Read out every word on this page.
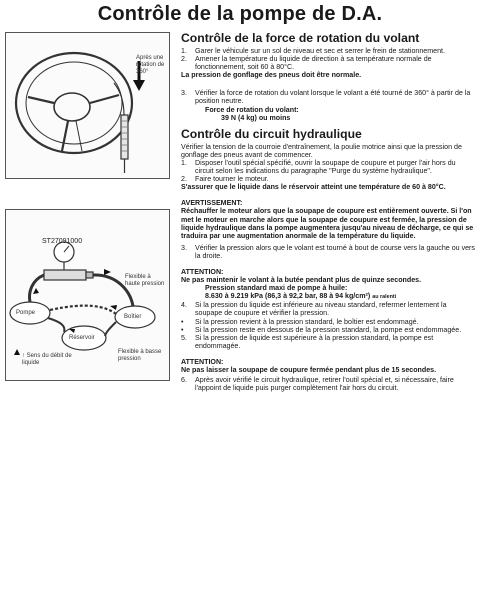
Contrôle de la pompe de D.A.
Après une rotation de 360°
ST27091000
Flexible à haute pression
Pompe
Boîtier
Réservoir
Flexible à basse pression
↑ Sens du débit de liquide
Contrôle de la force de rotation du volant
1.	Garer le véhicule sur un sol de niveau et sec et serrer le frein de stationnement.
2.	Amener la température du liquide de direction à sa température normale de fonctionnement, soit 60 à 80°C.
La pression de gonflage des pneus doit être normale.
3.	Vérifier la force de rotation du volant lorsque le volant a été tourné de 360° à partir de la position neutre.
Force de rotation du volant:
39 N (4 kg) ou moins
Contrôle du circuit hydraulique
Vérifier la tension de la courroie d'entraînement, la poulie motrice ainsi que la pression de gonflage des pneus avant de commencer.
1.	Disposer l'outil spécial spécifié, ouvrir la soupape de coupure et purger l'air hors du circuit selon les indications du paragraphe "Purge du système hydraulique".
2.	Faire tourner le moteur.
S'assurer que le liquide dans le réservoir atteint une température de 60 à 80°C.
AVERTISSEMENT:
Réchauffer le moteur alors que la soupape de coupure est entièrement ouverte. Si l'on met le moteur en marche alors que la soupape de coupure est fermée, la pression de liquide hydraulique dans la pompe augmentera jusqu'au niveau de décharge, ce qui se traduira par une augmentation anormale de la température du liquide.
3.	Vérifier la pression alors que le volant est tourné à bout de course vers la gauche ou vers la droite.
ATTENTION:
Ne pas maintenir le volant à la butée pendant plus de quinze secondes.
Pression standard maxi de pompe à huile:
8.630 à 9.219 kPa (86,3 à 92,2 bar, 88 à 94 kg/cm²) au ralenti
4.	Si la pression du liquide est inférieure au niveau standard, refermer lentement la soupape de coupure et vérifier la pression.
•	Si la pression revient à la pression standard, le boîtier est endommagé.
•	Si la pression reste en dessous de la pression standard, la pompe est endommagée.
5.	Si la pression de liquide est supérieure à la pression standard, la pompe est endommagée.
ATTENTION:
Ne pas laisser la soupape de coupure fermée pendant plus de 15 secondes.
6.	Après avoir vérifié le circuit hydraulique, retirer l'outil spécial et, si nécessaire, faire l'appoint de liquide puis purger complètement l'air hors du circuit.
